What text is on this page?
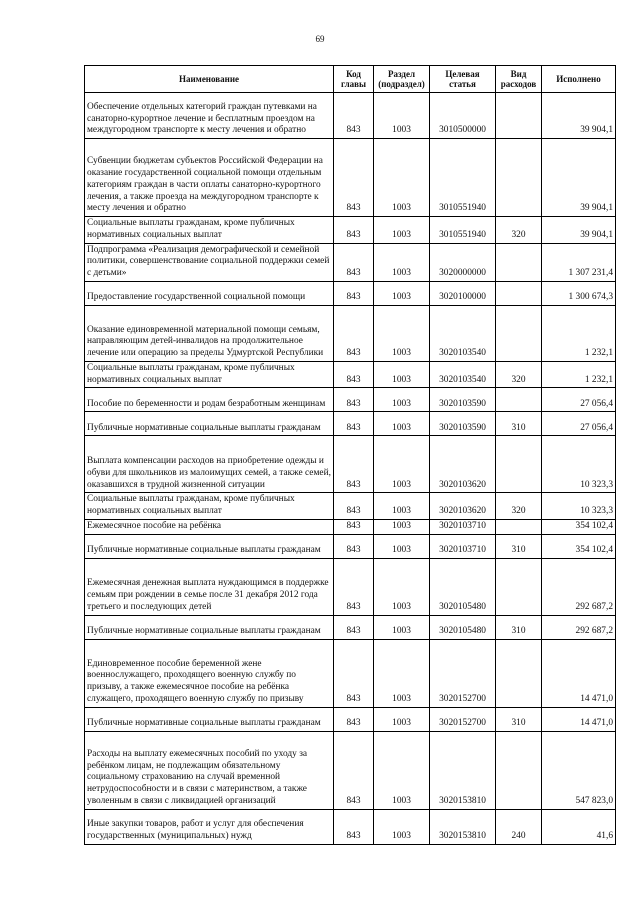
69
Наименование	Код главы	Раздел (подраздел)	Целевая статья	Вид расходов	Исполнено
Обеспечение отдельных категорий граждан путевками на санаторно-курортное лечение и бесплатным проездом на междугородном транспорте к месту лечения и обратно	843	1003	3010500000		39 904,1
Субвенции бюджетам субъектов Российской Федерации на оказание государственной социальной помощи отдельным категориям граждан в части оплаты санаторно-курортного лечения, а также проезда на междугородном транспорте к месту лечения и обратно	843	1003	3010551940		39 904,1
Социальные выплаты гражданам, кроме публичных нормативных социальных выплат	843	1003	3010551940	320	39 904,1
Подпрограмма «Реализация демографической и семейной политики, совершенствование социальной поддержки семей с детьми»	843	1003	3020000000		1 307 231,4
Предоставление государственной социальной помощи	843	1003	3020100000		1 300 674,3
Оказание единовременной материальной помощи семьям, направляющим детей-инвалидов на продолжительное лечение или операцию за пределы Удмуртской Республики	843	1003	3020103540		1 232,1
Социальные выплаты гражданам, кроме публичных нормативных социальных выплат	843	1003	3020103540	320	1 232,1
Пособие по беременности и родам безработным женщинам	843	1003	3020103590		27 056,4
Публичные нормативные социальные выплаты гражданам	843	1003	3020103590	310	27 056,4
Выплата компенсации расходов на приобретение одежды и обуви для школьников из малоимущих семей, а также семей, оказавшихся в трудной жизненной ситуации	843	1003	3020103620		10 323,3
Социальные выплаты гражданам, кроме публичных нормативных социальных выплат	843	1003	3020103620	320	10 323,3
Ежемесячное пособие на ребёнка	843	1003	3020103710		354 102,4
Публичные нормативные социальные выплаты гражданам	843	1003	3020103710	310	354 102,4
Ежемесячная денежная выплата нуждающимся в поддержке семьям при рождении в семье после 31 декабря 2012 года третьего и последующих детей	843	1003	3020105480		292 687,2
Публичные нормативные социальные выплаты гражданам	843	1003	3020105480	310	292 687,2
Единовременное пособие беременной жене военнослужащего, проходящего военную службу по призыву, а также ежемесячное пособие на ребёнка служащего, проходящего военную службу по призыву	843	1003	3020152700		14 471,0
Публичные нормативные социальные выплаты гражданам	843	1003	3020152700	310	14 471,0
Расходы на выплату ежемесячных пособий по уходу за ребёнком лицам, не подлежащим обязательному социальному страхованию на случай временной нетрудоспособности и в связи с материнством, а также уволенным в связи с ликвидацией организаций	843	1003	3020153810		547 823,0
Иные закупки товаров, работ и услуг для обеспечения государственных (муниципальных) нужд	843	1003	3020153810	240	41,6
